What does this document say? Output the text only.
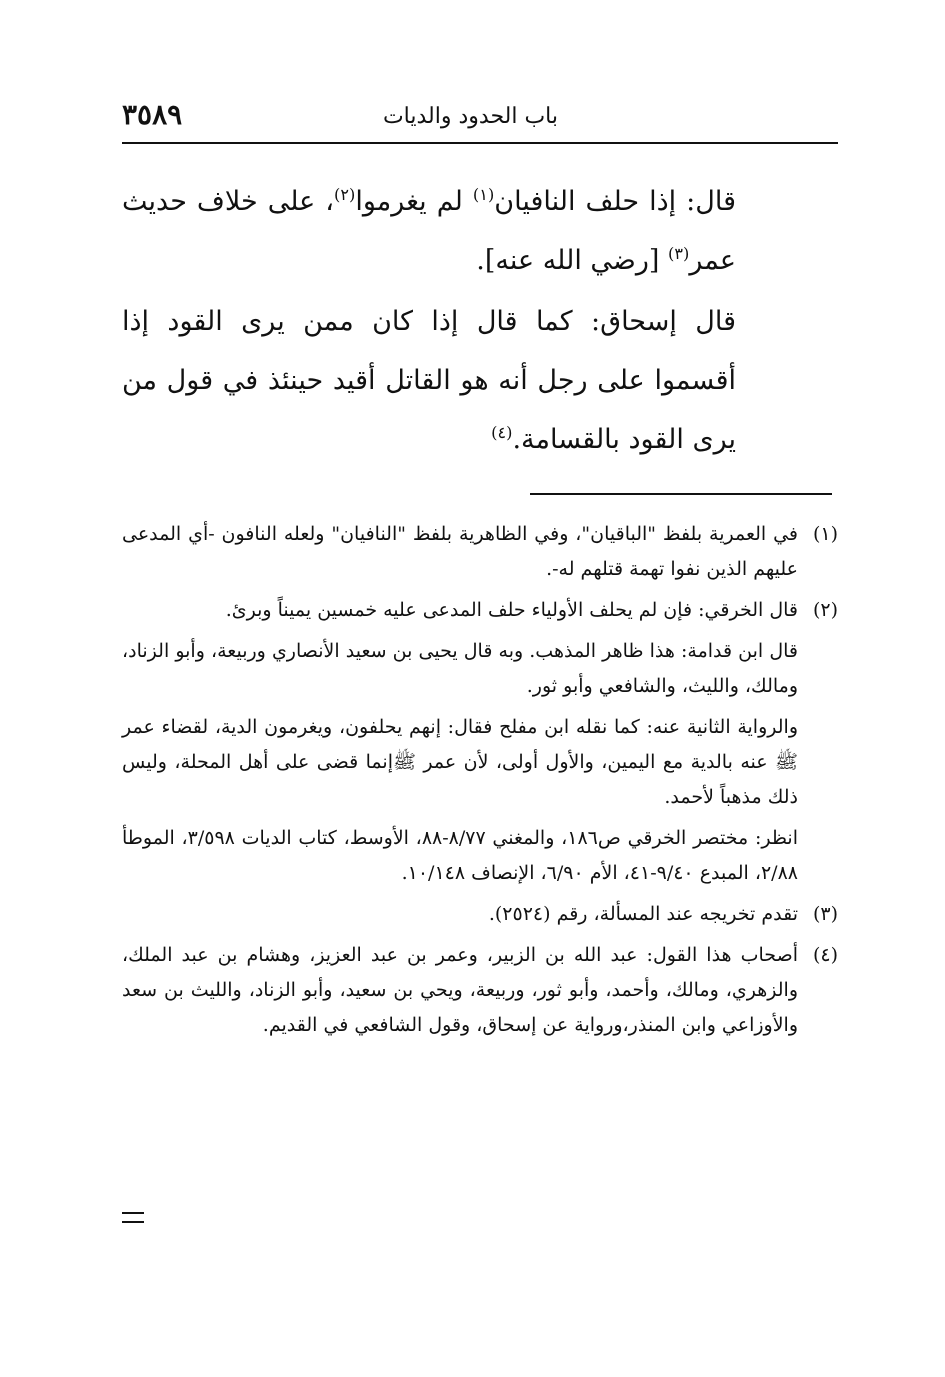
باب الحدود والديات
٣٥٨٩

قال: إذا حلف النافيان$^{(١)}$ لم يغرموا$^{(٢)}$، على خلاف حديث عمر$^{(٣)}$ [رضي الله عنه].

قال إسحاق: كما قال إذا كان ممن يرى القود إذا أقسموا على رجل أنه هو القاتل أقيد حينئذ في قول من يرى القود بالقسامة.$^{(٤)}$

(١)

في العمرية بلفظ "الباقيان"، وفي الظاهرية بلفظ "النافيان" ولعله النافون -أي المدعى عليهم الذين نفوا تهمة قتلهم له-.

(٢)

قال الخرقي: فإن لم يحلف الأولياء حلف المدعى عليه خمسين يميناً وبرئ.

قال ابن قدامة: هذا ظاهر المذهب. وبه قال يحيى بن سعيد الأنصاري وربيعة، وأبو الزناد، ومالك، والليث، والشافعي وأبو ثور.

والرواية الثانية عنه: كما نقله ابن مفلح فقال: إنهم يحلفون، ويغرمون الدية، لقضاء عمر ﷺ عنه بالدية مع اليمين، والأول أولى، لأن عمر ﷺإنما قضى على أهل المحلة، وليس ذلك مذهباً لأحمد.

انظر: مختصر الخرقي ص١٨٦، والمغني ٨/٧٧-٨٨، الأوسط، كتاب الديات ٣/٥٩٨، الموطأ ٢/٨٨، المبدع ٩/٤٠-٤١، الأم ٦/٩٠، الإنصاف ١٠/١٤٨.

(٣)

تقدم تخريجه عند المسألة، رقم (٢٥٢٤).

(٤)

أصحاب هذا القول: عبد الله بن الزبير، وعمر بن عبد العزيز، وهشام بن عبد الملك، والزهري، ومالك، وأحمد، وأبو ثور، وربيعة، ويحي بن سعيد، وأبو الزناد، والليث بن سعد والأوزاعي وابن المنذر،ورواية عن إسحاق، وقول الشافعي في القديم.
